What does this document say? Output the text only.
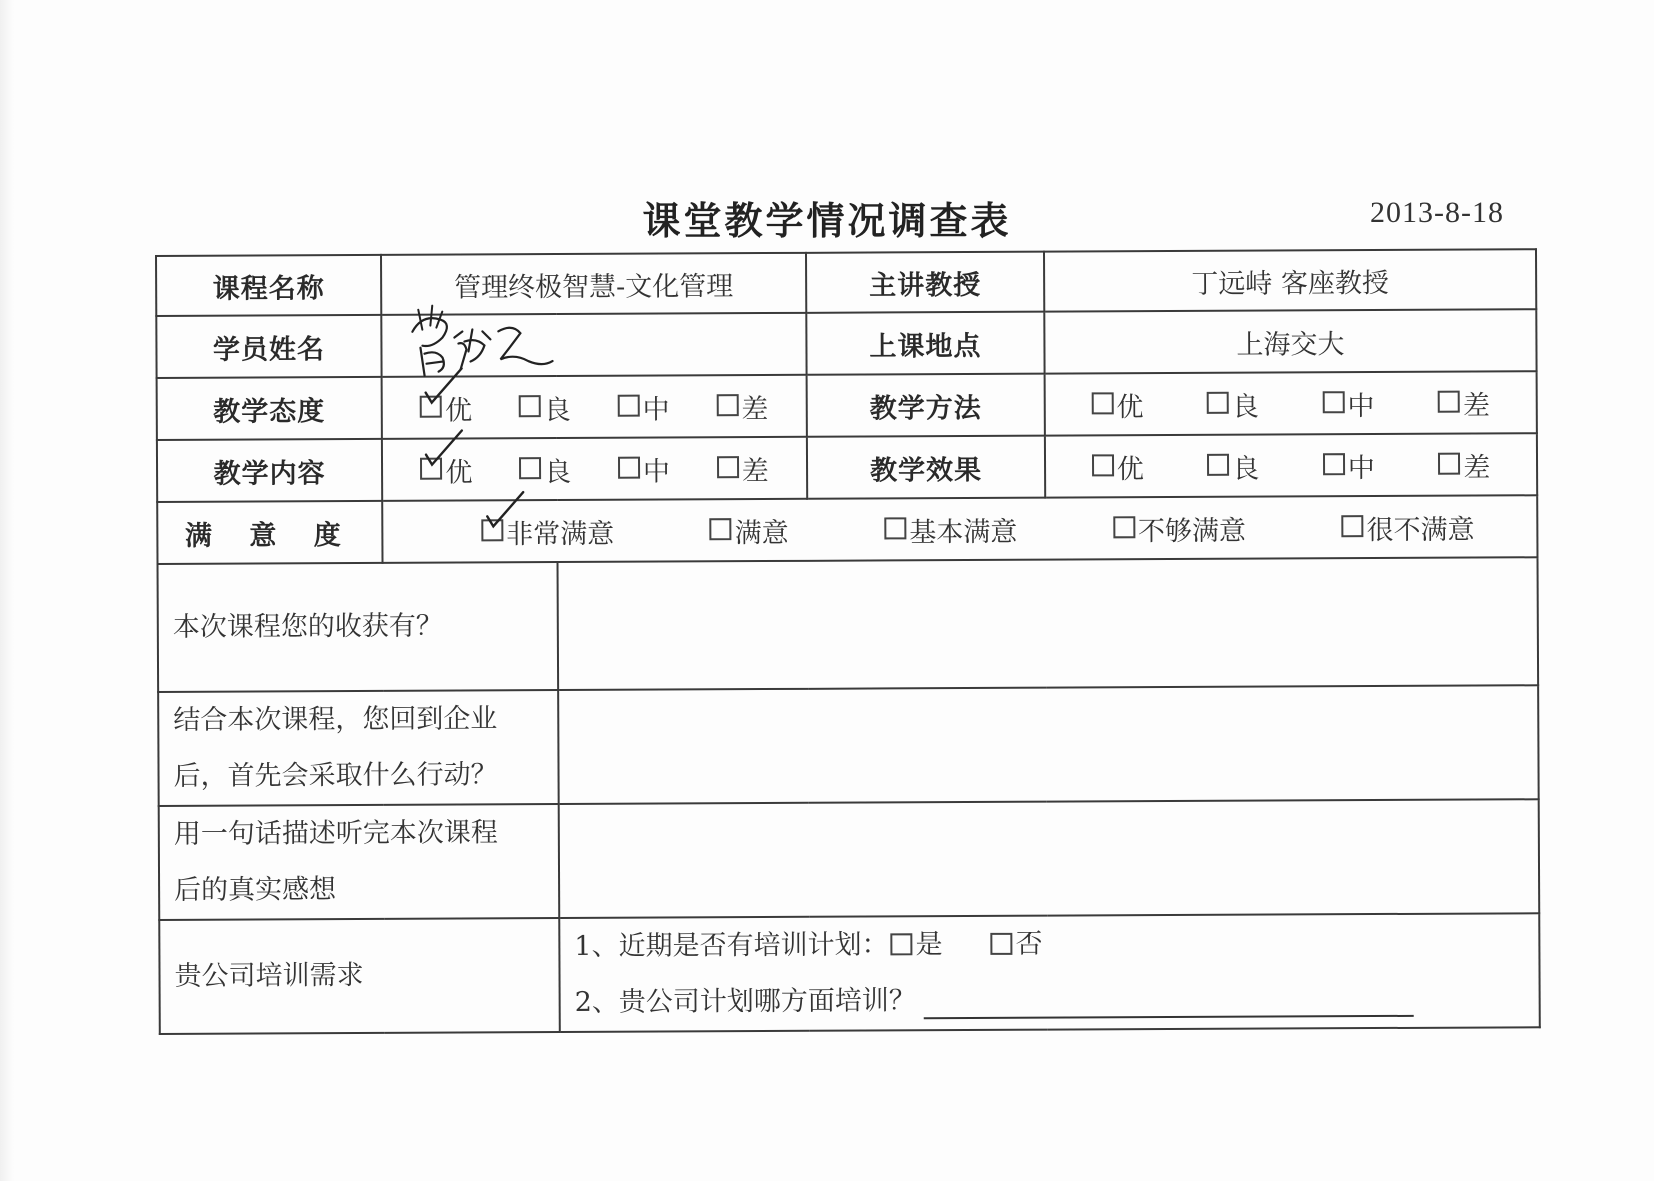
课堂教学情况调查表	2013-8-18
课程名称	管理终极智慧-文化管理		主讲教授	丁远峙 客座教授
学员姓名			上课地点	上海交大
教学态度	优 良 中 差		教学方法	优 良 中 差

教学内容	优 良 中 差		教学效果	优 良 中 差

满 意 度	非常满意 满意 基本满意 不够满意 很不满意			

本次课程您的收获有？				

结合本次课程，您回到企业
后，首先会采取什么行动？				

用一句话描述听完本次课程
后的真实感想				

贵公司培训需求		1、近期是否有培训计划： 是 否
2、贵公司计划哪方面培训？		
